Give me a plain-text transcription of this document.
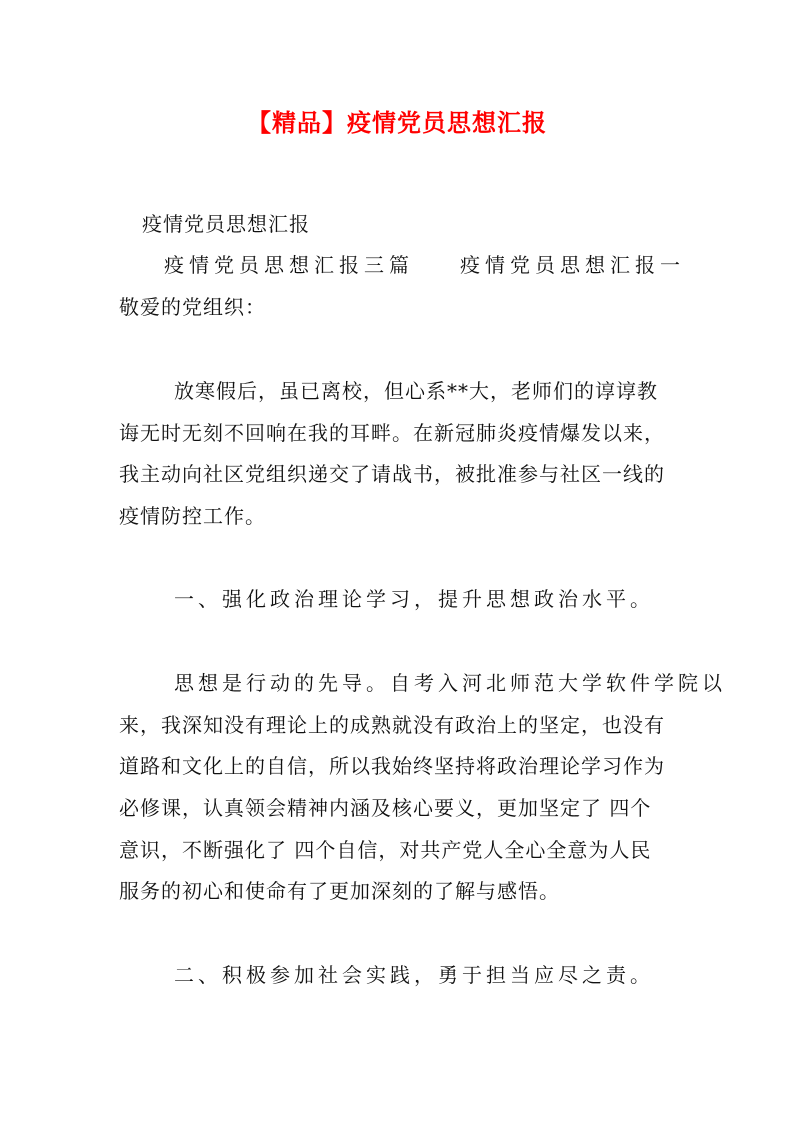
【精品】疫情党员思想汇报
疫情党员思想汇报
疫情党员思想汇报三篇 疫情党员思想汇报一
敬爱的党组织：
放寒假后，虽已离校，但心系**大，老师们的谆谆教
诲无时无刻不回响在我的耳畔。在新冠肺炎疫情爆发以来，
我主动向社区党组织递交了请战书，被批准参与社区一线的
疫情防控工作。
一、强化政治理论学习，提升思想政治水平。
思想是行动的先导。自考入河北师范大学软件学院以
来，我深知没有理论上的成熟就没有政治上的坚定，也没有
道路和文化上的自信，所以我始终坚持将政治理论学习作为
必修课，认真领会精神内涵及核心要义，更加坚定了 四个
意识，不断强化了 四个自信，对共产党人全心全意为人民
服务的初心和使命有了更加深刻的了解与感悟。
二、积极参加社会实践，勇于担当应尽之责。
